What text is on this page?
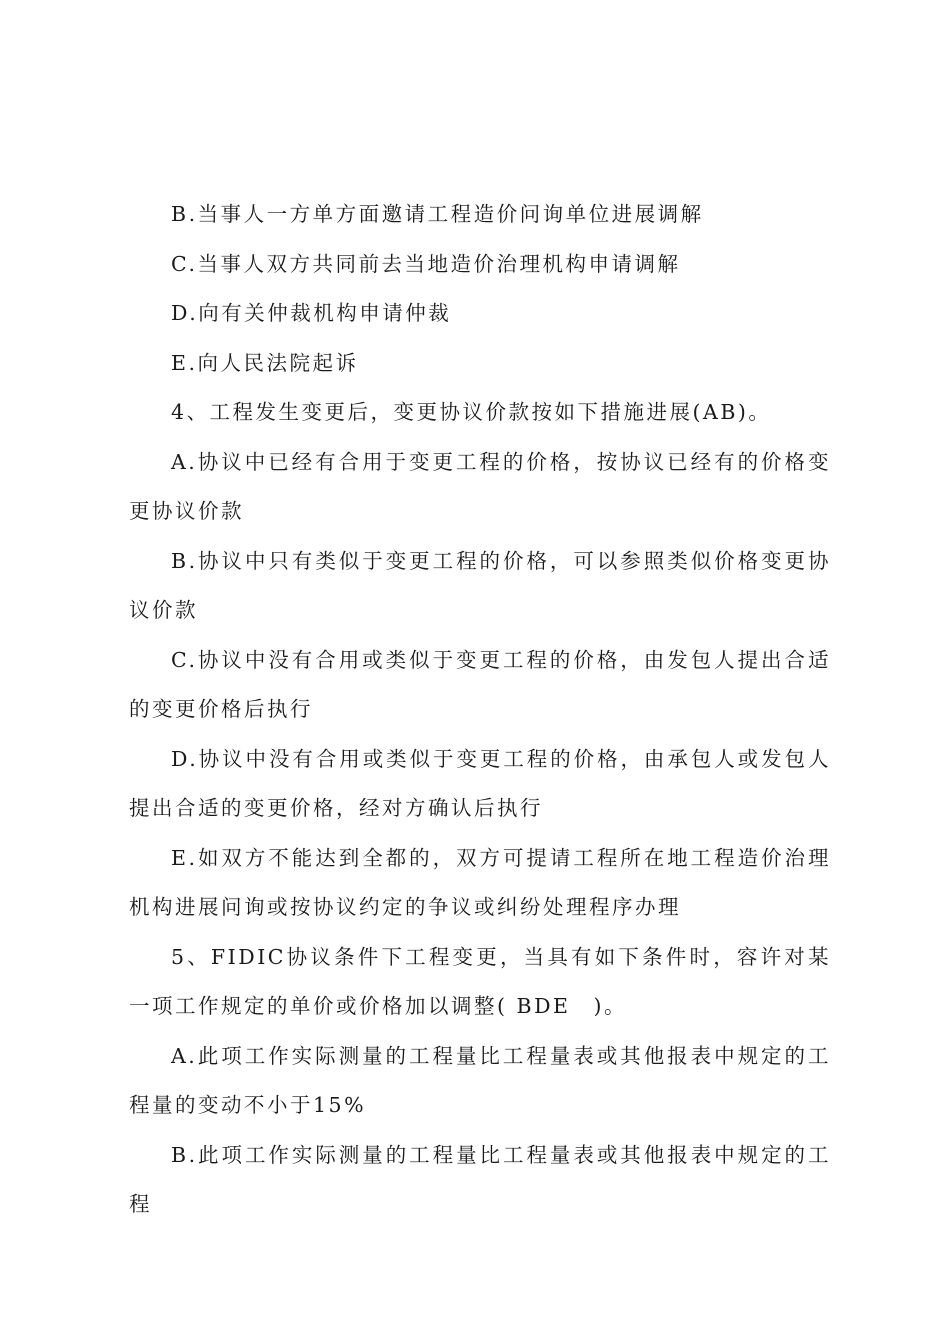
B.当事人一方单方面邀请工程造价问询单位进展调解

C.当事人双方共同前去当地造价治理机构申请调解

D.向有关仲裁机构申请仲裁

E.向人民法院起诉

4、工程发生变更后，变更协议价款按如下措施进展(AB)。

A.协议中已经有合用于变更工程的价格，按协议已经有的价格变更协议价款

B.协议中只有类似于变更工程的价格，可以参照类似价格变更协议价款

C.协议中没有合用或类似于变更工程的价格，由发包人提出合适的变更价格后执行

D.协议中没有合用或类似于变更工程的价格，由承包人或发包人提出合适的变更价格，经对方确认后执行

E.如双方不能达到全都的，双方可提请工程所在地工程造价治理机构进展问询或按协议约定的争议或纠纷处理程序办理

5、FIDIC协议条件下工程变更，当具有如下条件时，容许对某一项工作规定的单价或价格加以调整( BDE　)。

A.此项工作实际测量的工程量比工程量表或其他报表中规定的工程量的变动不小于15%

B.此项工作实际测量的工程量比工程量表或其他报表中规定的工程
